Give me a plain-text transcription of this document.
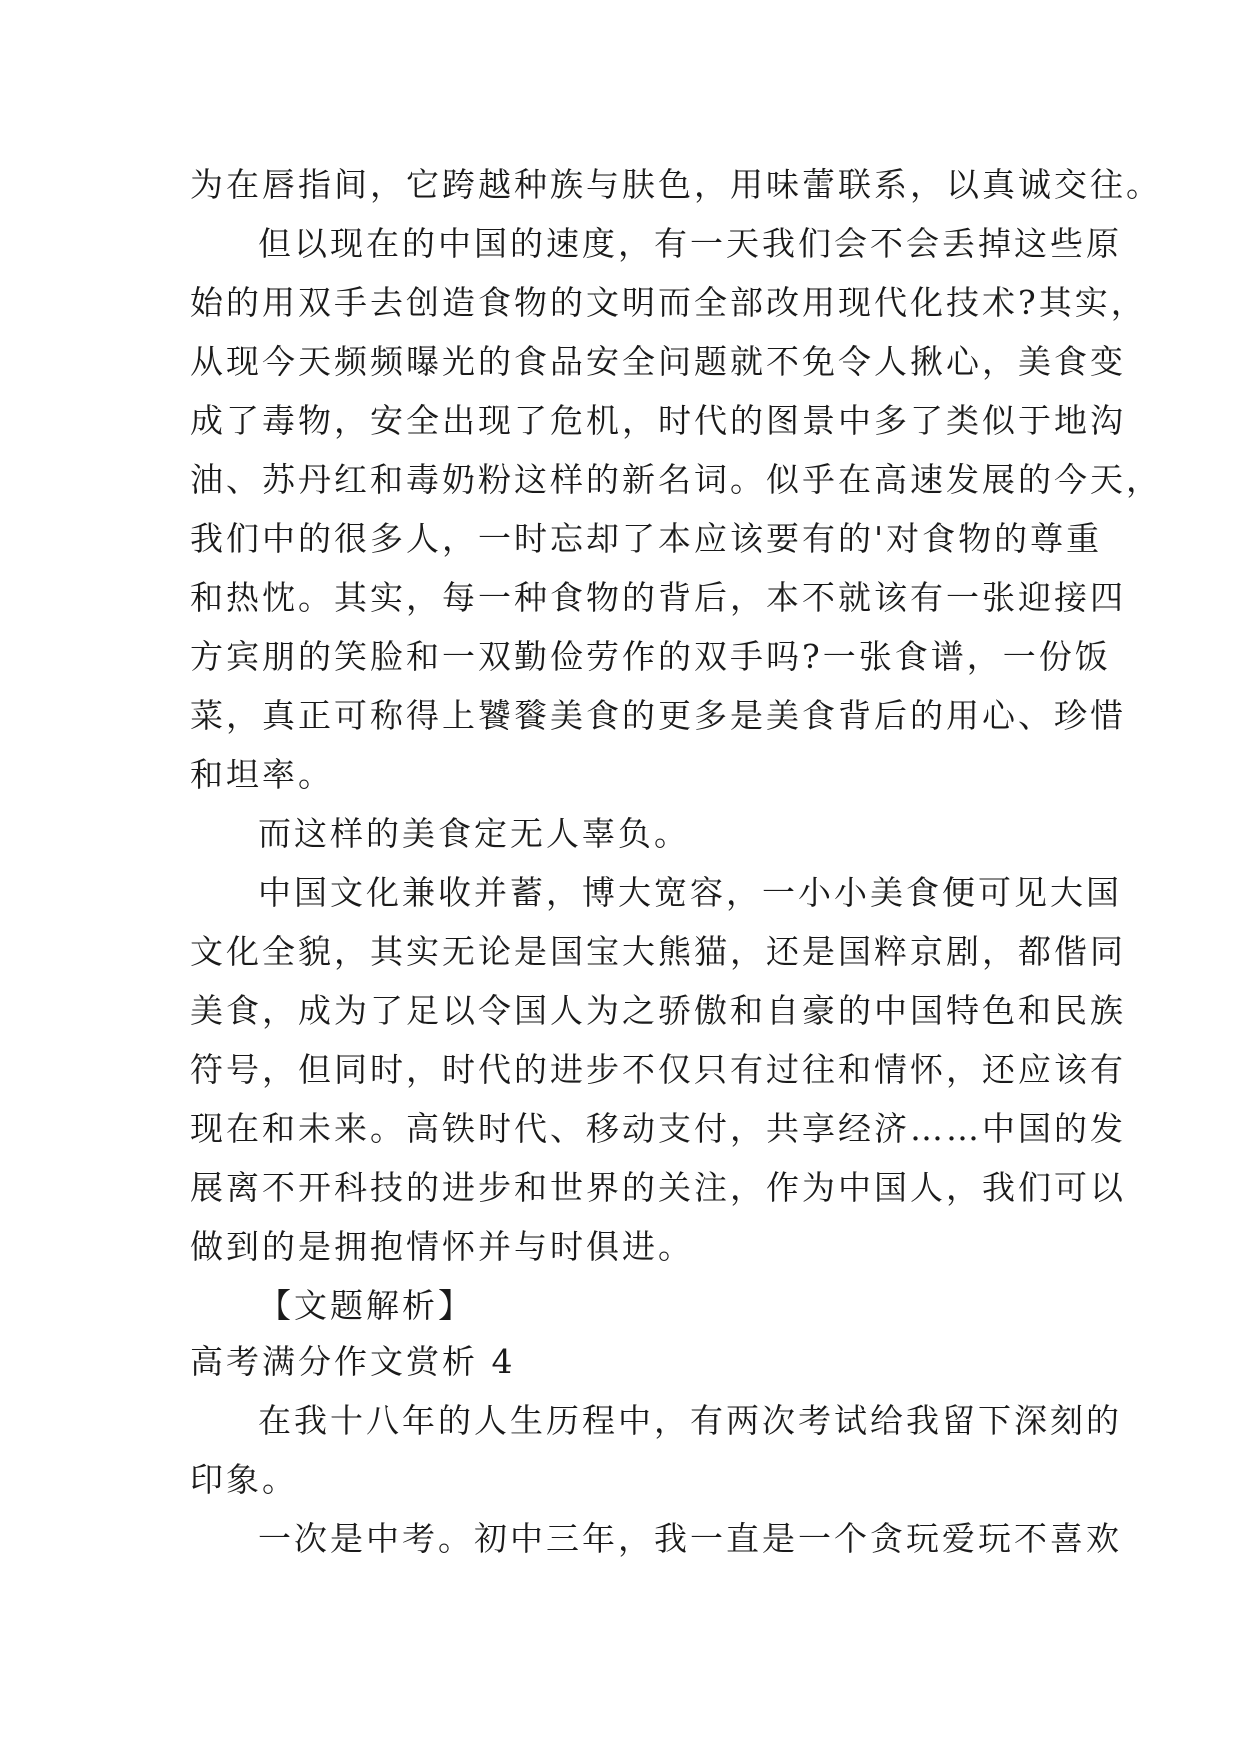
为在唇指间，它跨越种族与肤色，用味蕾联系，以真诚交往。

但以现在的中国的速度，有一天我们会不会丢掉这些原

始的用双手去创造食物的文明而全部改用现代化技术?其实，

从现今天频频曝光的食品安全问题就不免令人揪心，美食变

成了毒物，安全出现了危机，时代的图景中多了类似于地沟

油、苏丹红和毒奶粉这样的新名词。似乎在高速发展的今天，

我们中的很多人，一时忘却了本应该要有的'对食物的尊重

和热忱。其实，每一种食物的背后，本不就该有一张迎接四

方宾朋的笑脸和一双勤俭劳作的双手吗?一张食谱，一份饭

菜，真正可称得上饕餮美食的更多是美食背后的用心、珍惜

和坦率。

而这样的美食定无人辜负。

中国文化兼收并蓄，博大宽容，一小小美食便可见大国

文化全貌，其实无论是国宝大熊猫，还是国粹京剧，都偕同

美食，成为了足以令国人为之骄傲和自豪的中国特色和民族

符号，但同时，时代的进步不仅只有过往和情怀，还应该有

现在和未来。高铁时代、移动支付，共享经济……中国的发

展离不开科技的进步和世界的关注，作为中国人，我们可以

做到的是拥抱情怀并与时俱进。

【文题解析】

高考满分作文赏析 4

在我十八年的人生历程中，有两次考试给我留下深刻的

印象。

一次是中考。初中三年，我一直是一个贪玩爱玩不喜欢
